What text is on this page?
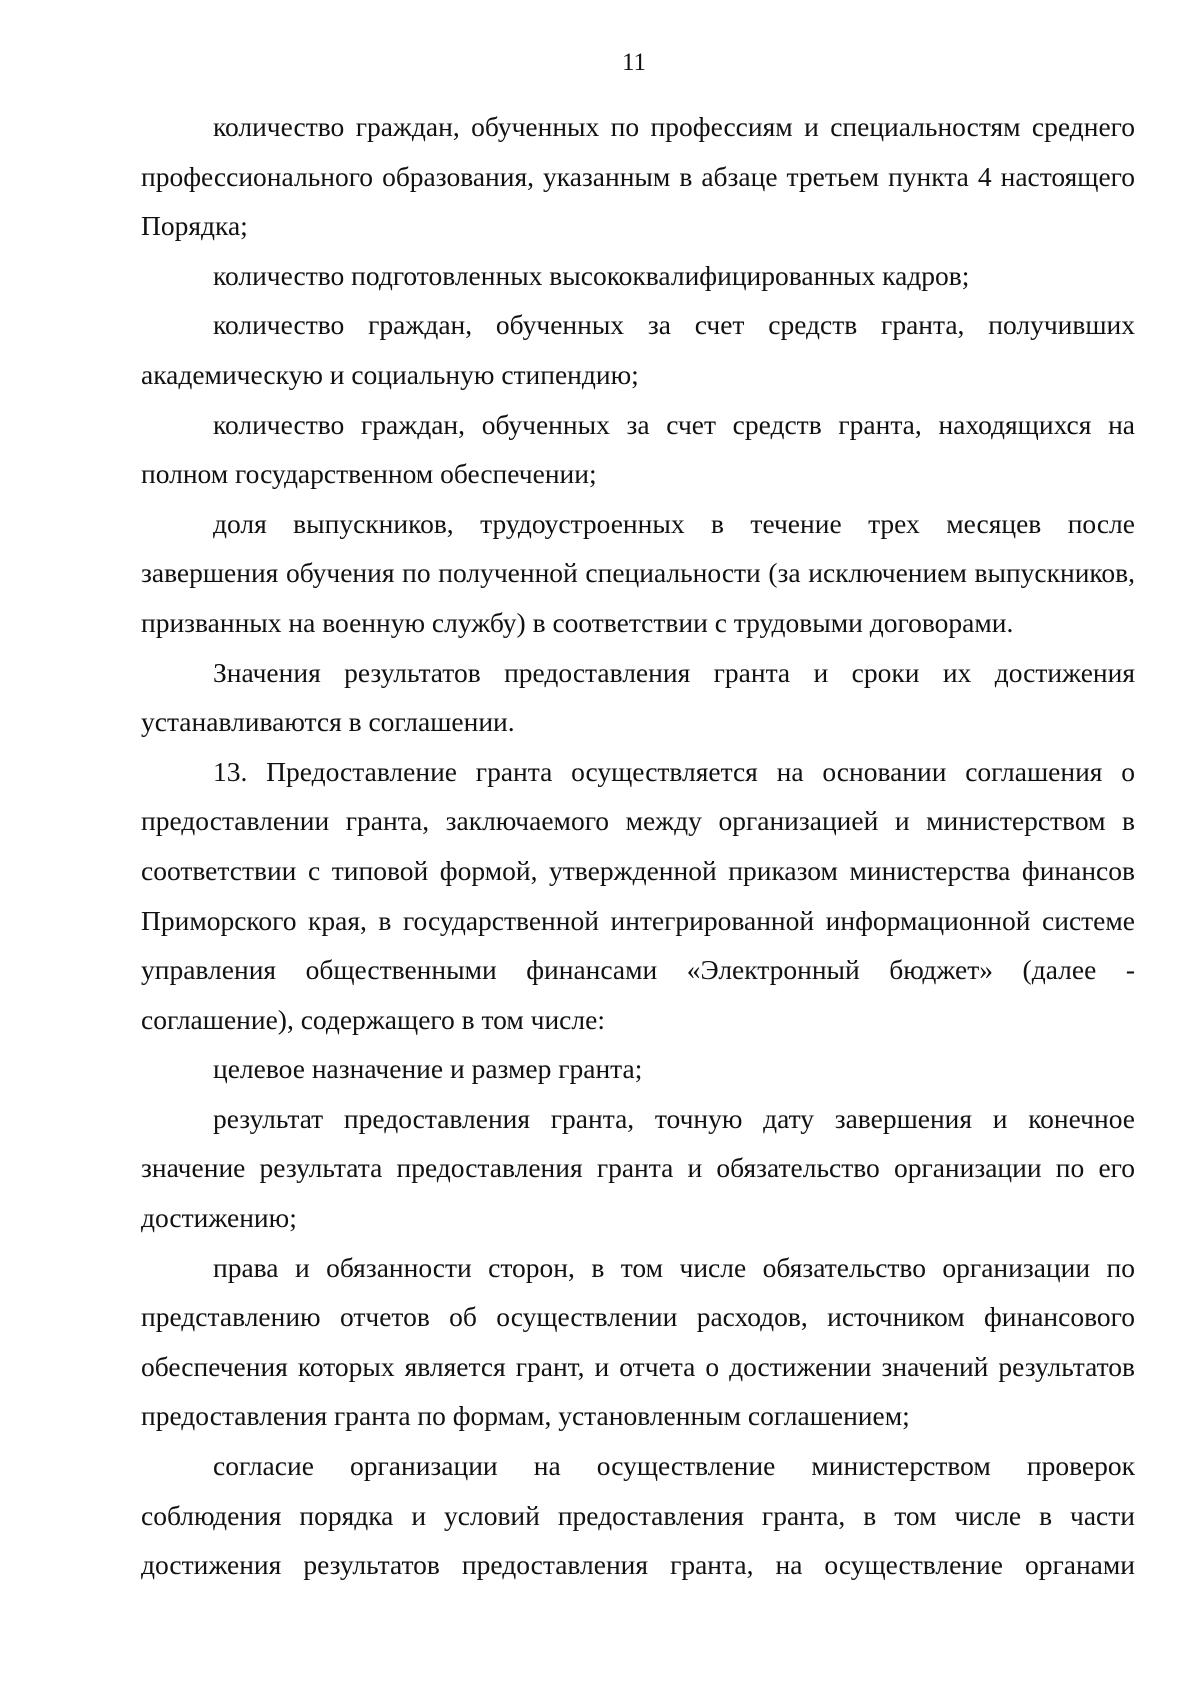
11

количество граждан, обученных по профессиям и специальностям среднего профессионального образования, указанным в абзаце третьем пункта 4 настоящего Порядка;

количество подготовленных высококвалифицированных кадров;

количество граждан, обученных за счет средств гранта, получивших академическую и социальную стипендию;

количество граждан, обученных за счет средств гранта, находящихся на полном государственном обеспечении;

доля выпускников, трудоустроенных в течение трех месяцев после завершения обучения по полученной специальности (за исключением выпускников, призванных на военную службу) в соответствии с трудовыми договорами.

Значения результатов предоставления гранта и сроки их достижения устанавливаются в соглашении.

13. Предоставление гранта осуществляется на основании соглашения о предоставлении гранта, заключаемого между организацией и министерством в соответствии с типовой формой, утвержденной приказом министерства финансов Приморского края, в государственной интегрированной информационной системе управления общественными финансами «Электронный бюджет» (далее - соглашение), содержащего в том числе:

целевое назначение и размер гранта;

результат предоставления гранта, точную дату завершения и конечное значение результата предоставления гранта и обязательство организации по его достижению;

права и обязанности сторон, в том числе обязательство организации по представлению отчетов об осуществлении расходов, источником финансового обеспечения которых является грант, и отчета о достижении значений результатов предоставления гранта по формам, установленным соглашением;

согласие организации на осуществление министерством проверок соблюдения порядка и условий предоставления гранта, в том числе в части достижения результатов предоставления гранта, на осуществление органами
